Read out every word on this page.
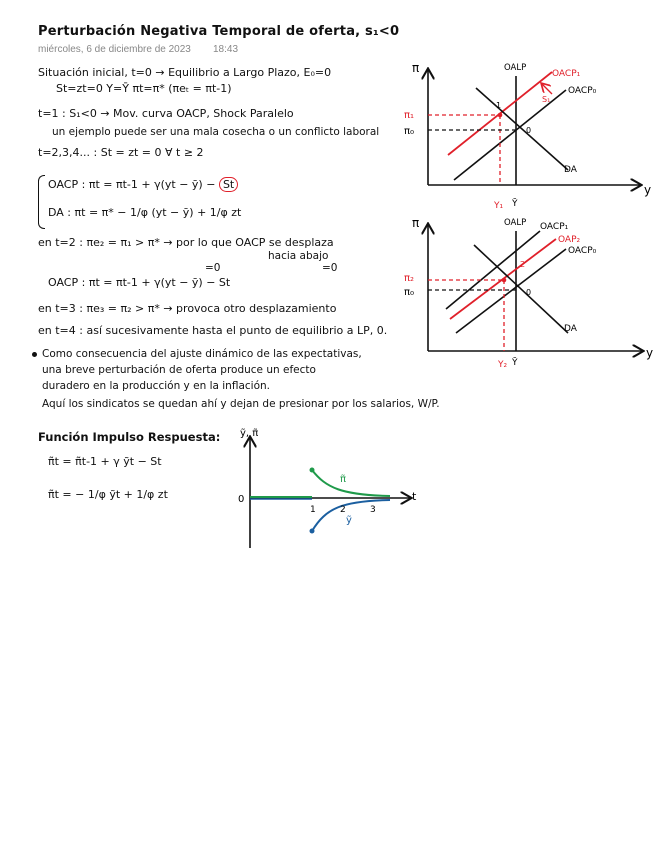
Perturbación Negativa Temporal de oferta, s₁<0
miércoles, 6 de diciembre de 2023 18:43
Situación inicial, t=0 → Equilibrio a Largo Plazo, E₀=0
St=zt=0 Y=Ȳ πt=π* (πeₜ = πt-1)
t=1 : S₁<0 → Mov. curva OACP, Shock Paralelo
un ejemplo puede ser una mala cosecha o un conflicto laboral
t=2,3,4... : St = zt = 0 ∀ t ≥ 2
OACP : πt = πt-1 + γ(yt − ȳ) − St
DA : πt = π* − 1/φ (yt − ȳ) + 1/φ zt
en t=2 : πe₂ = π₁ > π* → por lo que OACP se desplaza
hacia abajo
=0	=0
OACP : πt = πt-1 + γ(yt − ȳ) − St
en t=3 : πe₃ = π₂ > π* → provoca otro desplazamiento
en t=4 : así sucesivamente hasta el punto de equilibrio a LP, 0.
Como consecuencia del ajuste dinámico de las expectativas,
una breve perturbación de oferta produce un efecto
duradero en la producción y en la inflación.
Aquí los sindicatos se quedan ahí y dejan de presionar por los salarios, W/P.
Función Impulso Respuesta:
π̃t = π̃t-1 + γ ỹt − St
π̃t = − 1/φ ỹt + 1/φ zt
π
y
OALP
OACP₀
OACP₁
S₁
DA
1
0
π₁
π₀
Y₁ Ȳ
π
y
OALP OACP₁
OAP₂
OACP₀
DA
2
0
π₂
π₀
Y₂ Ȳ
ỹ, π̃
t
0
π̃
ỹ
1	2	3
